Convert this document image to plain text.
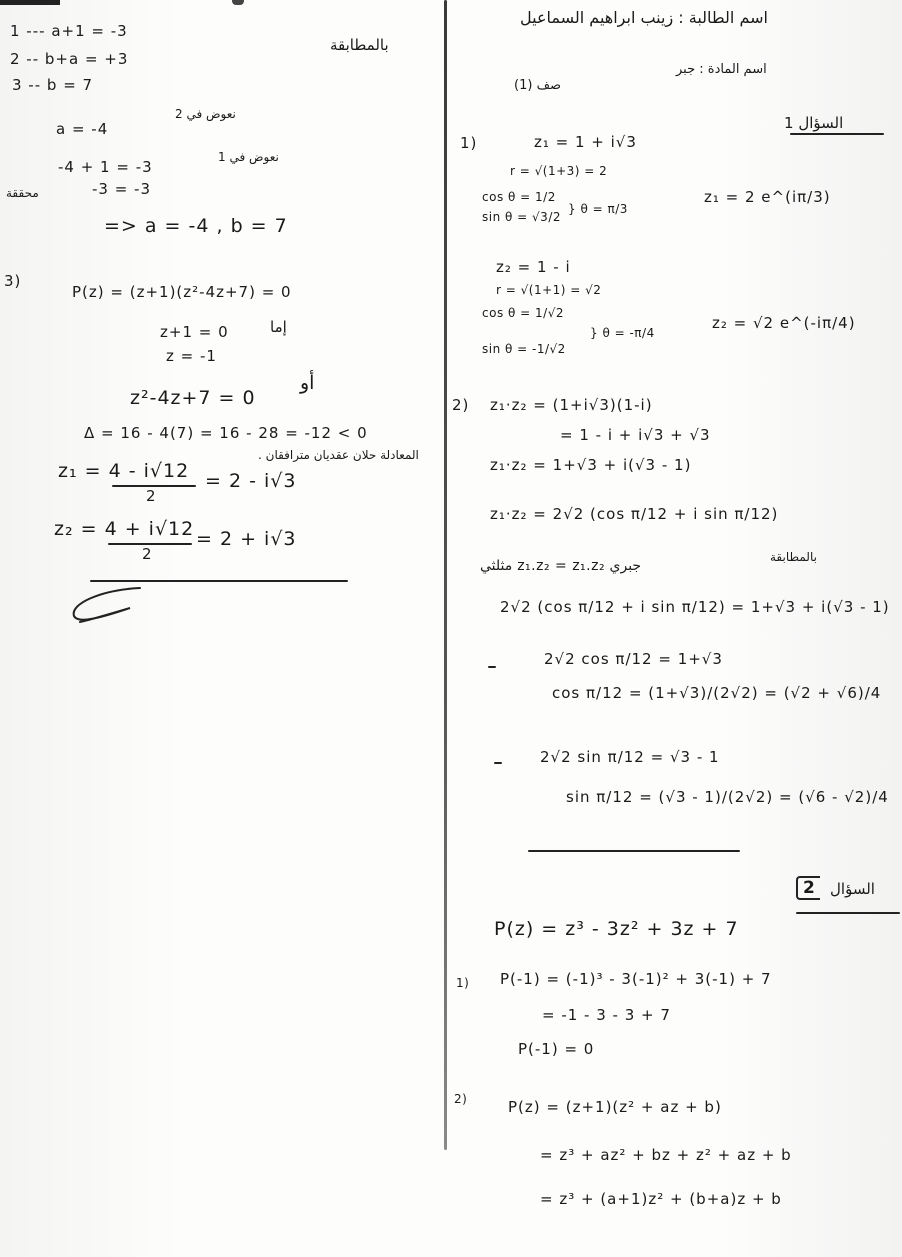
1 --- a+1 = -3

2 -- b+a = +3

3 -- b = 7

بالمطابقة

a = -4

نعوض في 2

نعوض في 1

-4 + 1 = -3

محققة	-3 = -3

=> a = -4 , b = 7

3)

P(z) = (z+1)(z²-4z+7) = 0

z+1 = 0	إما

z = -1

أو

z²-4z+7 = 0

Δ = 16 - 4(7) = 16 - 28 = -12 < 0

المعادلة حلان عقديان مترافقان .

z₁ = 4 - i√12

2

= 2 - i√3

z₂ = 4 + i√12

2

= 2 + i√3

اسم الطالبة : زينب ابراهيم السماعيل

اسم المادة : جبر

صف (1)

السؤال 1

1)	z₁ = 1 + i√3

r = √(1+3) = 2

cos θ = 1/2

sin θ = √3/2

} θ = π/3

z₁ = 2 e^(iπ/3)

z₂ = 1 - i

r = √(1+1) = √2

cos θ = 1/√2

sin θ = -1/√2

} θ = -π/4

z₂ = √2 e^(-iπ/4)

2) z₁·z₂ = (1+i√3)(1-i)

= 1 - i + i√3 + √3

z₁·z₂ = 1+√3 + i(√3 - 1)

z₁·z₂ = 2√2 (cos π/12 + i sin π/12)

جبري z₁.z₂ = z₁.z₂ مثلثي

بالمطابقة

2√2 (cos π/12 + i sin π/12) = 1+√3 + i(√3 - 1)

2√2 cos π/12 = 1+√3

cos π/12 = (1+√3)/(2√2) = (√2 + √6)/4

2√2 sin π/12 = √3 - 1

sin π/12 = (√3 - 1)/(2√2) = (√6 - √2)/4

السؤال

2

P(z) = z³ - 3z² + 3z + 7

1) P(-1) = (-1)³ - 3(-1)² + 3(-1) + 7

= -1 - 3 - 3 + 7

P(-1) = 0

2)	P(z) = (z+1)(z² + az + b)

= z³ + az² + bz + z² + az + b

= z³ + (a+1)z² + (b+a)z + b
